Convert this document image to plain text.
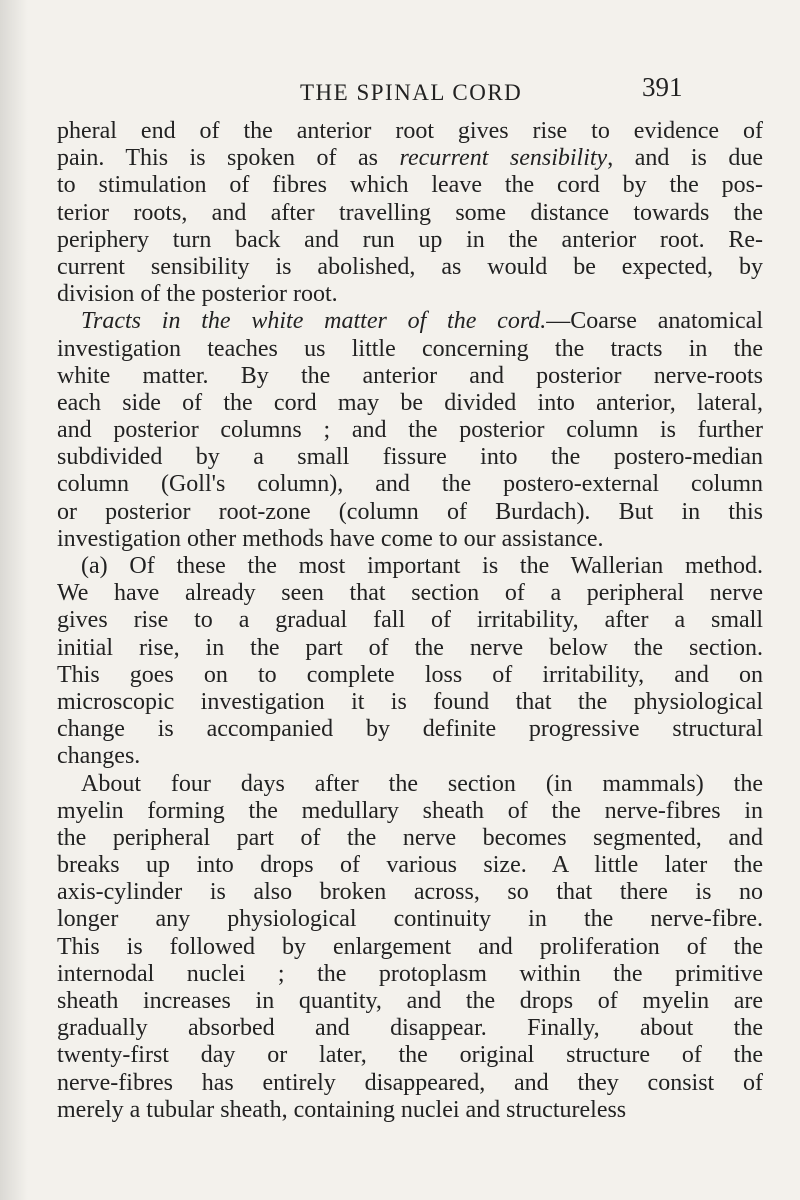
THE SPINAL CORD	391
pheral end of the anterior root gives rise to evidence of
pain. This is spoken of as recurrent sensibility, and is due
to stimulation of fibres which leave the cord by the pos-
terior roots, and after travelling some distance towards the
periphery turn back and run up in the anterior root. Re-
current sensibility is abolished, as would be expected, by
division of the posterior root.
Tracts in the white matter of the cord.—Coarse anatomical
investigation teaches us little concerning the tracts in the
white matter. By the anterior and posterior nerve-roots
each side of the cord may be divided into anterior, lateral,
and posterior columns ; and the posterior column is further
subdivided by a small fissure into the postero-median
column (Goll's column), and the postero-external column
or posterior root-zone (column of Burdach). But in this
investigation other methods have come to our assistance.
(a) Of these the most important is the Wallerian method.
We have already seen that section of a peripheral nerve
gives rise to a gradual fall of irritability, after a small
initial rise, in the part of the nerve below the section.
This goes on to complete loss of irritability, and on
microscopic investigation it is found that the physiological
change is accompanied by definite progressive structural
changes.
About four days after the section (in mammals) the
myelin forming the medullary sheath of the nerve-fibres in
the peripheral part of the nerve becomes segmented, and
breaks up into drops of various size. A little later the
axis-cylinder is also broken across, so that there is no
longer any physiological continuity in the nerve-fibre.
This is followed by enlargement and proliferation of the
internodal nuclei ; the protoplasm within the primitive
sheath increases in quantity, and the drops of myelin are
gradually absorbed and disappear. Finally, about the
twenty-first day or later, the original structure of the
nerve-fibres has entirely disappeared, and they consist of
merely a tubular sheath, containing nuclei and structureless
